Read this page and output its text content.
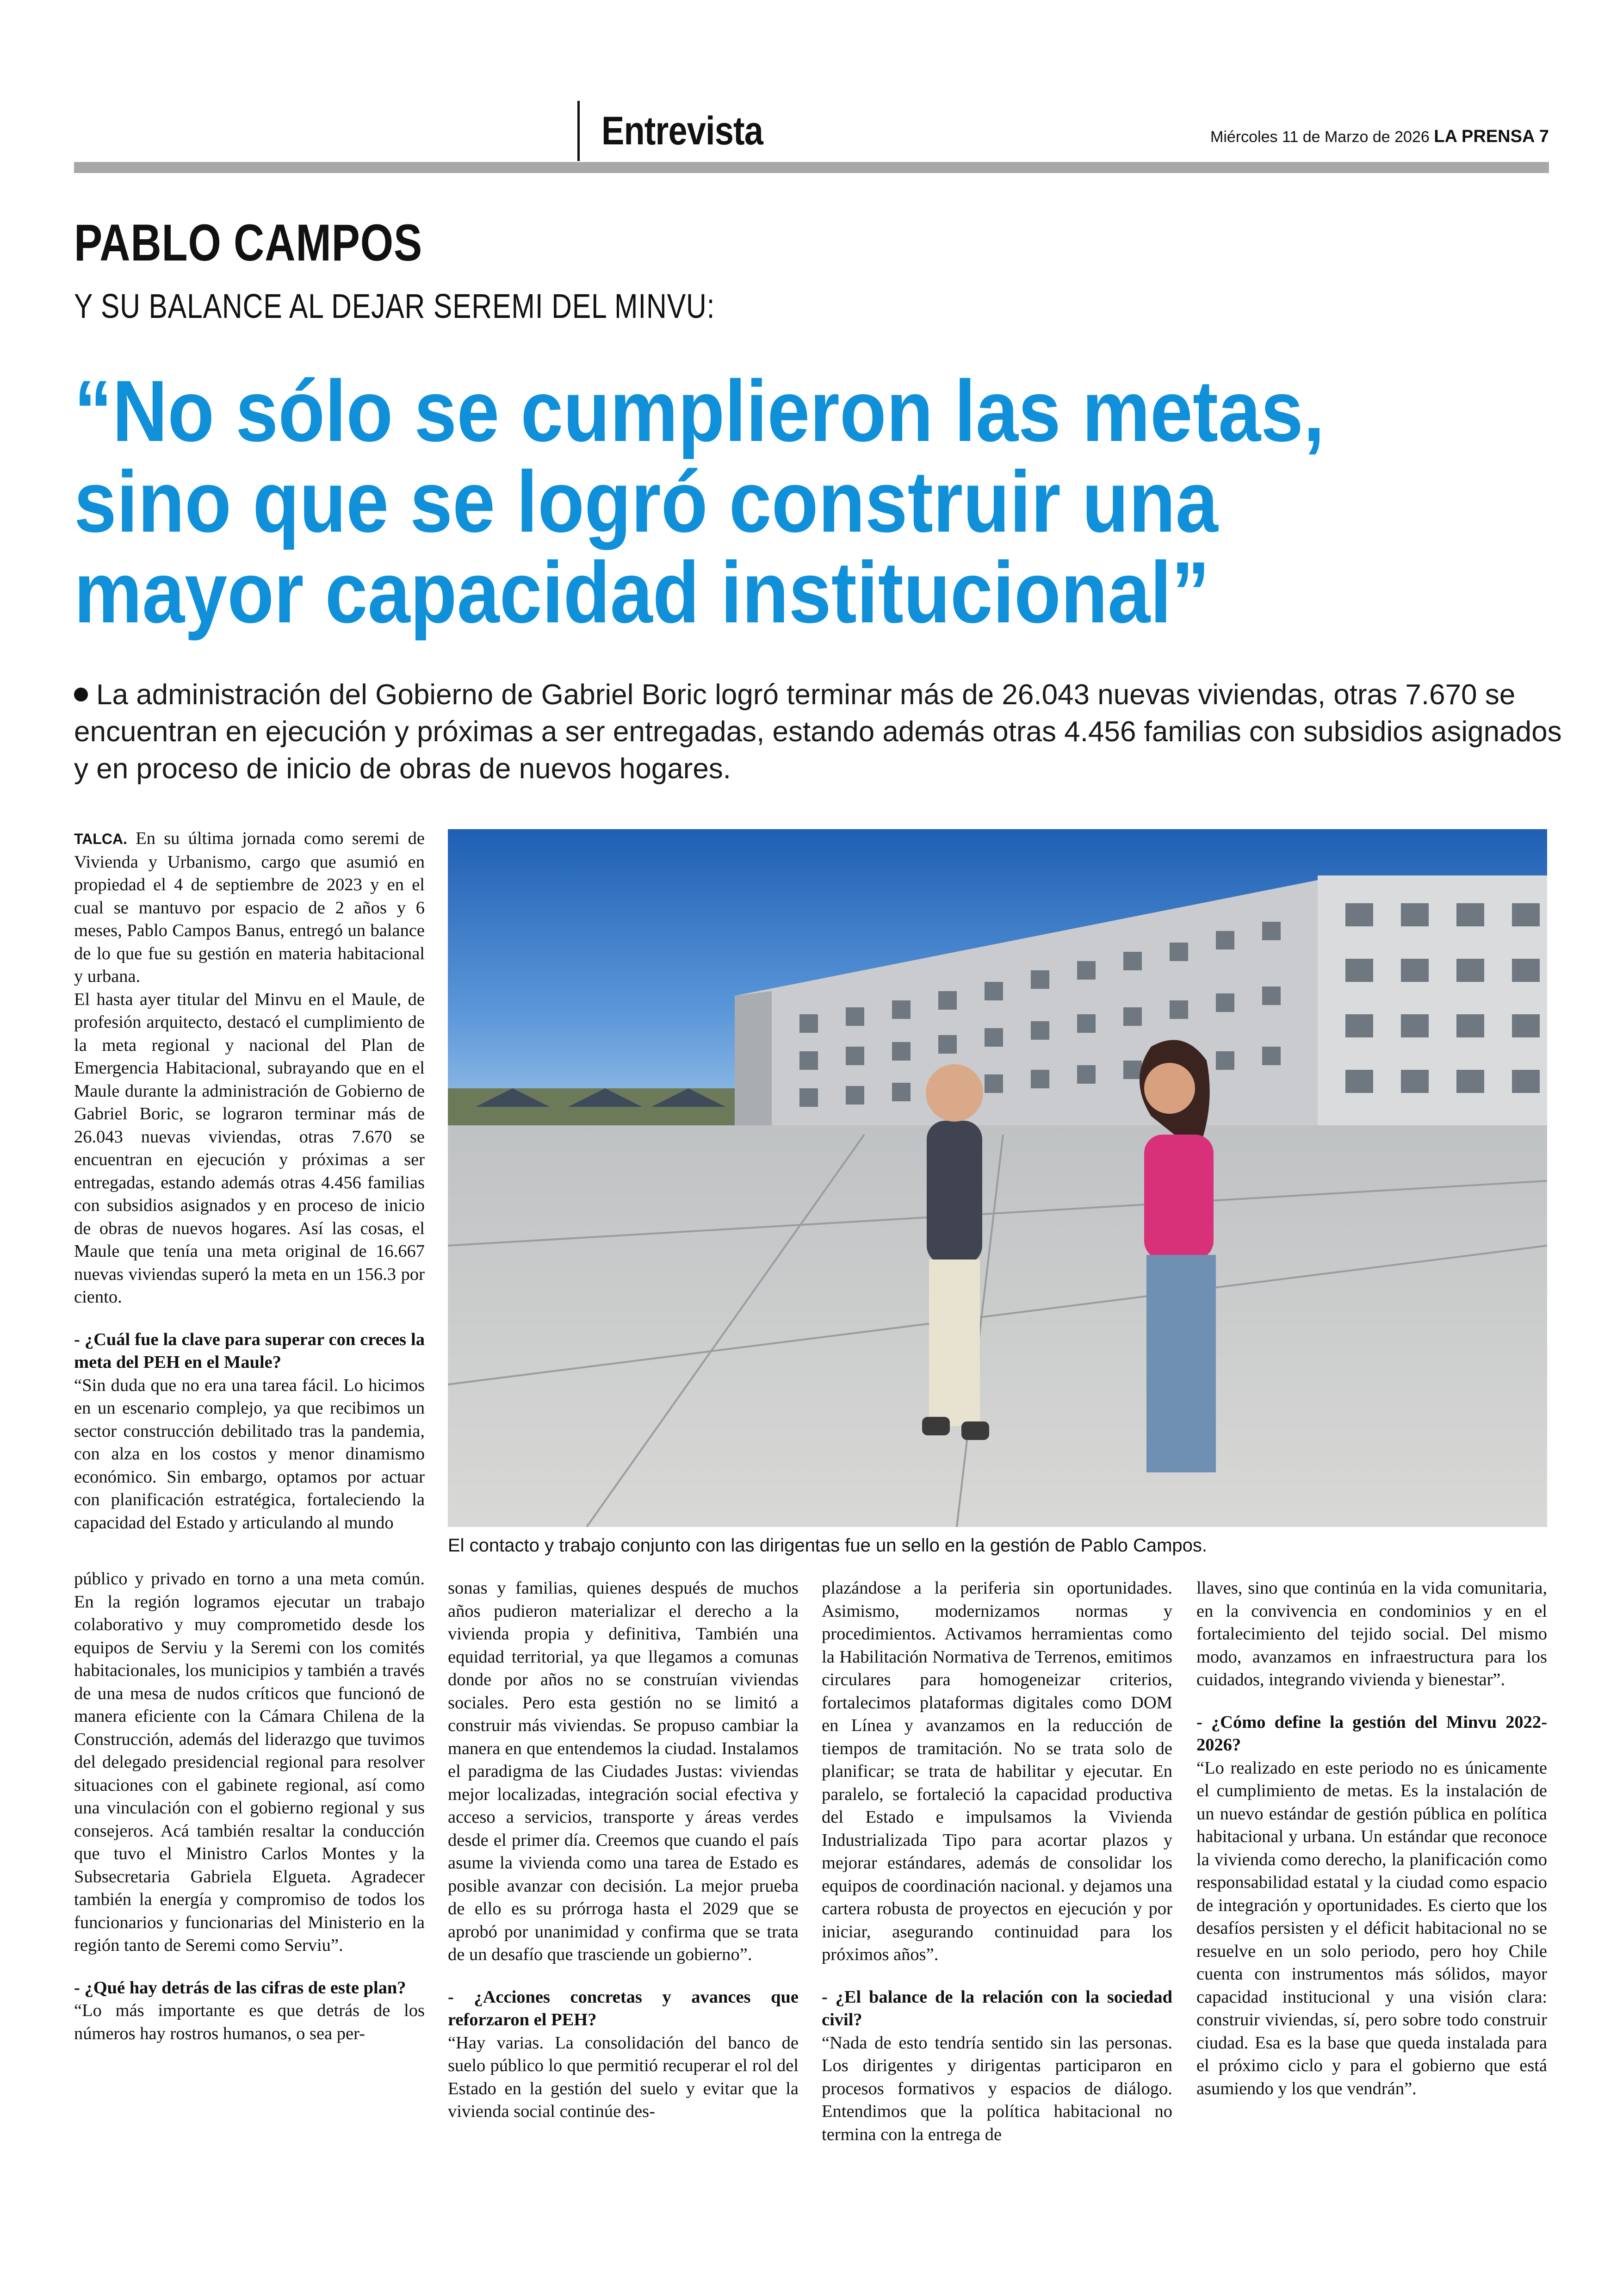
Entrevista	Miércoles 11 de Marzo de 2026 LA PRENSA 7
PABLO CAMPOS
Y SU BALANCE AL DEJAR SEREMI DEL MINVU:
“No sólo se cumplieron las metas,
sino que se logró construir una
mayor capacidad institucional”
La administración del Gobierno de Gabriel Boric logró terminar más de 26.043 nuevas viviendas, otras 7.670 se encuentran en ejecución y próximas a ser entregadas, estando además otras 4.456 familias con subsidios asignados y en proceso de inicio de obras de nuevos hogares.
El contacto y trabajo conjunto con las dirigentas fue un sello en la gestión de Pablo Campos.

TALCA. En su última jornada como seremi de Vivienda y Urbanismo, cargo que asumió en propiedad el 4 de septiembre de 2023 y en el cual se mantuvo por espacio de 2 años y 6 meses, Pablo Campos Banus, entregó un balance de lo que fue su gestión en materia habitacional y urbana.

El hasta ayer titular del Minvu en el Maule, de profesión arquitecto, destacó el cumplimiento de la meta regional y nacional del Plan de Emergencia Habitacional, subrayando que en el Maule durante la administración de Gobierno de Gabriel Boric, se lograron terminar más de 26.043 nuevas viviendas, otras 7.670 se encuentran en ejecución y próximas a ser entregadas, estando además otras 4.456 familias con subsidios asignados y en proceso de inicio de obras de nuevos hogares. Así las cosas, el Maule que tenía una meta original de 16.667 nuevas viviendas superó la meta en un 156.3 por ciento.

- ¿Cuál fue la clave para superar con creces la meta del PEH en el Maule?

“Sin duda que no era una tarea fácil. Lo hicimos en un escenario complejo, ya que recibimos un sector construcción debilitado tras la pandemia, con alza en los costos y menor dinamismo económico. Sin embargo, optamos por actuar con planificación estratégica, fortaleciendo la capacidad del Estado y articulando al mundo

público y privado en torno a una meta común. En la región logramos ejecutar un trabajo colaborativo y muy comprometido desde los equipos de Serviu y la Seremi con los comités habitacionales, los municipios y también a través de una mesa de nudos críticos que funcionó de manera eficiente con la Cámara Chilena de la Construcción, además del liderazgo que tuvimos del delegado presidencial regional para resolver situaciones con el gabinete regional, así como una vinculación con el gobierno regional y sus consejeros. Acá también resaltar la conducción que tuvo el Ministro Carlos Montes y la Subsecretaria Gabriela Elgueta. Agradecer también la energía y compromiso de todos los funcionarios y funcionarias del Ministerio en la región tanto de Seremi como Serviu”.

- ¿Qué hay detrás de las cifras de este plan?

“Lo más importante es que detrás de los números hay rostros humanos, o sea per-

sonas y familias, quienes después de muchos años pudieron materializar el derecho a la vivienda propia y definitiva, También una equidad territorial, ya que llegamos a comunas donde por años no se construían viviendas sociales. Pero esta gestión no se limitó a construir más viviendas. Se propuso cambiar la manera en que entendemos la ciudad. Instalamos el paradigma de las Ciudades Justas: viviendas mejor localizadas, integración social efectiva y acceso a servicios, transporte y áreas verdes desde el primer día. Creemos que cuando el país asume la vivienda como una tarea de Estado es posible avanzar con decisión. La mejor prueba de ello es su prórroga hasta el 2029 que se aprobó por unanimidad y confirma que se trata de un desafío que trasciende un gobierno”.

- ¿Acciones concretas y avances que reforzaron el PEH?

“Hay varias. La consolidación del banco de suelo público lo que permitió recuperar el rol del Estado en la gestión del suelo y evitar que la vivienda social continúe des-

plazándose a la periferia sin oportunidades. Asimismo, modernizamos normas y procedimientos. Activamos herramientas como la Habilitación Normativa de Terrenos, emitimos circulares para homogeneizar criterios, fortalecimos plataformas digitales como DOM en Línea y avanzamos en la reducción de tiempos de tramitación. No se trata solo de planificar; se trata de habilitar y ejecutar. En paralelo, se fortaleció la capacidad productiva del Estado e impulsamos la Vivienda Industrializada Tipo para acortar plazos y mejorar estándares, además de consolidar los equipos de coordinación nacional. y dejamos una cartera robusta de proyectos en ejecución y por iniciar, asegurando continuidad para los próximos años”.

- ¿El balance de la relación con la sociedad civil?

“Nada de esto tendría sentido sin las personas. Los dirigentes y dirigentas participaron en procesos formativos y espacios de diálogo. Entendimos que la política habitacional no termina con la entrega de

llaves, sino que continúa en la vida comunitaria, en la convivencia en condominios y en el fortalecimiento del tejido social. Del mismo modo, avanzamos en infraestructura para los cuidados, integrando vivienda y bienestar”.

- ¿Cómo define la gestión del Minvu 2022-2026?

“Lo realizado en este periodo no es únicamente el cumplimiento de metas. Es la instalación de un nuevo estándar de gestión pública en política habitacional y urbana. Un estándar que reconoce la vivienda como derecho, la planificación como responsabilidad estatal y la ciudad como espacio de integración y oportunidades. Es cierto que los desafíos persisten y el déficit habitacional no se resuelve en un solo periodo, pero hoy Chile cuenta con instrumentos más sólidos, mayor capacidad institucional y una visión clara: construir viviendas, sí, pero sobre todo construir ciudad. Esa es la base que queda instalada para el próximo ciclo y para el gobierno que está asumiendo y los que vendrán”.
